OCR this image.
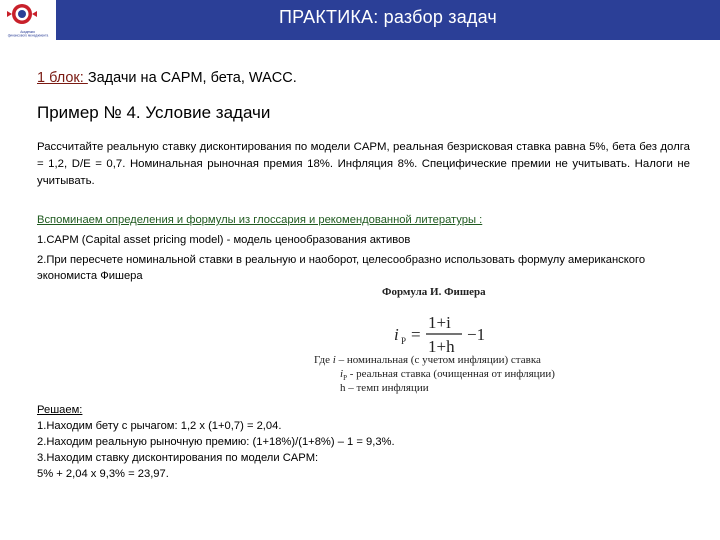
Академия финансового менеджмента
ПРАКТИКА: разбор задач
1 блок: Задачи на CAPM, бета, WACC.
Пример № 4. Условие задачи
Рассчитайте реальную ставку дисконтирования по модели CAPM, реальная безрисковая ставка равна 5%, бета без долга = 1,2, D/E = 0,7. Номинальная рыночная премия 18%. Инфляция 8%. Специфические премии не учитывать. Налоги не учитывать.
Вспоминаем определения и формулы из глоссария и рекомендованной литературы :
1.CAPM (Capital asset pricing model) - модель ценообразования активов
2.При пересчете номинальной ставки в реальную и наоборот, целесообразно использовать формулу американского экономиста Фишера
Формула И. Фишера
i P =
1+i
1+h
−1
Где i – номинальная (с учетом инфляции) ставка
$i_P$ - реальная ставка (очищенная от инфляции)
h – темп инфляции
Решаем:
1.Находим бету с рычагом: 1,2 x (1+0,7) = 2,04.
2.Находим реальную рыночную премию: (1+18%)/(1+8%) – 1 = 9,3%.
3.Находим ставку дисконтирования по модели CAPM:
5% + 2,04 x 9,3% = 23,97.
